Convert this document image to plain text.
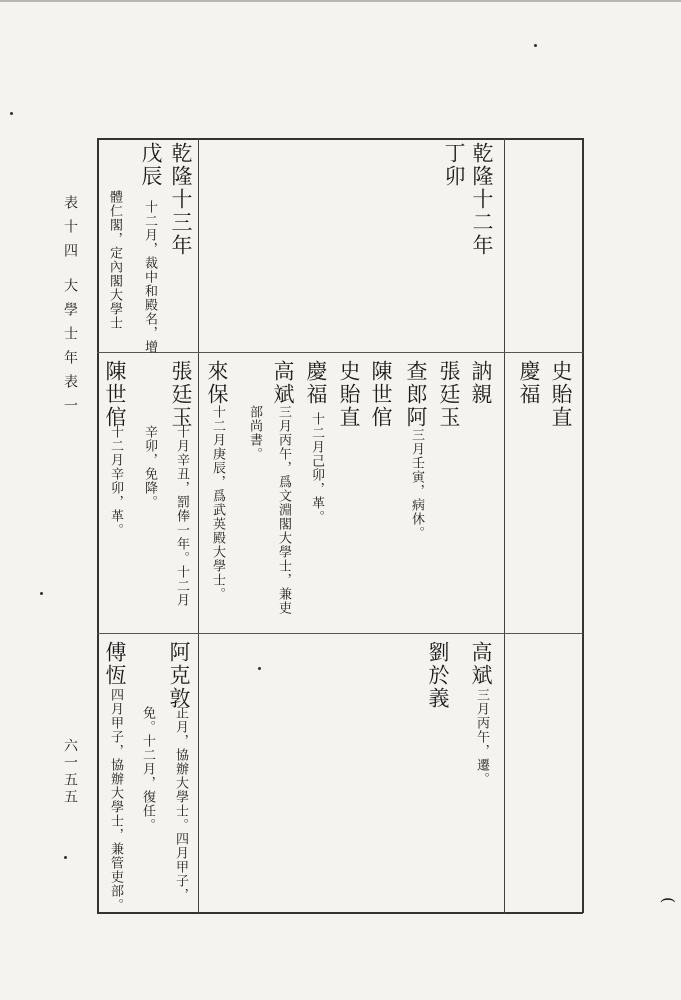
表十四
大學士年表一
六一五五
乾隆十二年
丁卯
乾隆十三年
戊辰
十二月，裁中和殿名，增
體仁閣，定內閣大學士
史貽直
慶福
訥親
張廷玉
查郎阿
三月壬寅，病休。
陳世倌
史貽直
慶福
十二月己卯，革。
高斌
三月丙午，爲文淵閣大學士，兼吏
部尚書。
來保
十二月庚辰，爲武英殿大學士。
張廷玉
十月辛丑，罰俸一年。十二月
辛卯，免降。
陳世倌
十二月辛卯，革。
高斌
三月丙午，遷。
劉於義
阿克敦
正月，協辦大學士。四月甲子，
免。十二月，復任。
傅恆
四月甲子，協辦大學士，兼管吏部。	(
